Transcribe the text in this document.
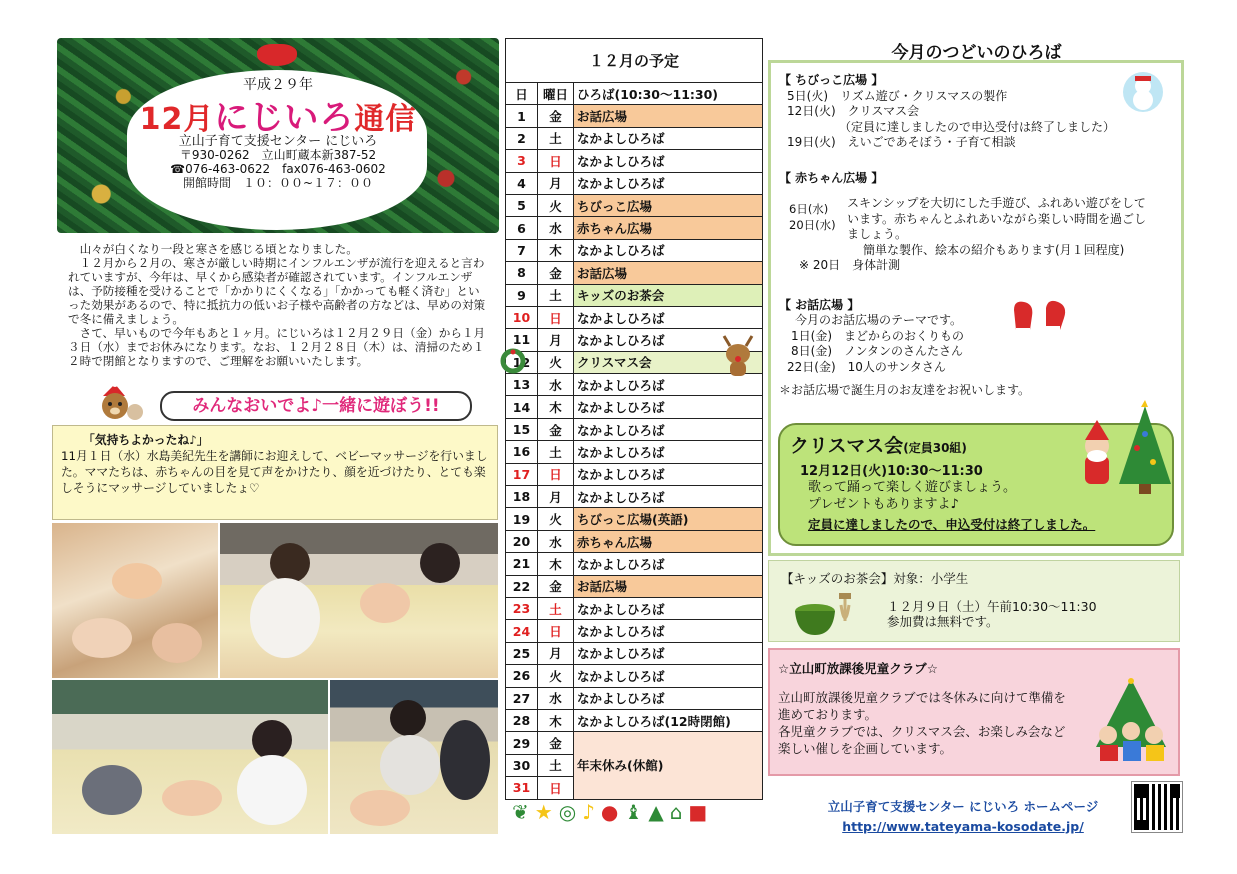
平成２９年
12月にじいろ通信
立山子育て支援センター にじいろ
〒930-0262　立山町蔵本新387-52
☎076-463-0622　fax076-463-0602
開館時間　１０：００~１７：００

山々が白くなり一段と寒さを感じる頃となりました。

１２月から２月の、寒さが厳しい時期にインフルエンザが流行を迎えると言われていますが、今年は、早くから感染者が確認されています。インフルエンザは、予防接種を受けることで「かかりにくくなる」「かかっても軽く済む」といった効果があるので、特に抵抗力の低いお子様や高齢者の方などは、早めの対策で冬に備えましょう。

さて、早いもので今年もあと１ヶ月。にじいろは１２月２９日（金）から１月３日（水）までお休みになります。なお、１２月２８日（木）は、清掃のため１２時で閉館となりますので、ご理解をお願いいたします。

みんなおいでよ♪一緒に遊ぼう!!
「気持ちよかったね♪」
11月１日（水）水島美紀先生を講師にお迎えして、ベビーマッサージを行いました。ママたちは、赤ちゃんの目を見て声をかけたり、顔を近づけたり、とても楽しそうにマッサージしていましたょ♡
１２月の予定
日	曜日	ひろば(10:30～11:30)
1	金	お話広場
2	土	なかよしひろば
3	日	なかよしひろば
4	月	なかよしひろば
5	火	ちびっこ広場
6	水	赤ちゃん広場
7	木	なかよしひろば
8	金	お話広場
9	土	キッズのお茶会
10	日	なかよしひろば
11	月	なかよしひろば
12	火	クリスマス会
13	水	なかよしひろば
14	木	なかよしひろば
15	金	なかよしひろば
16	土	なかよしひろば
17	日	なかよしひろば
18	月	なかよしひろば
19	火	ちびっこ広場(英語)
20	水	赤ちゃん広場
21	木	なかよしひろば
22	金	お話広場
23	土	なかよしひろば
24	日	なかよしひろば
25	月	なかよしひろば
26	火	なかよしひろば
27	水	なかよしひろば
28	木	なかよしひろば(12時閉館)
29	金	年末休み(休館)
30	土	
31	日	
今月のつどいのひろば
【 ちびっこ広場 】
5日(火)　リズム遊び・クリスマスの製作
12日(火)　クリスマス会
（定員に達しましたので申込受付は終了しました）
19日(火)　えいごであそぼう・子育て相談
【 赤ちゃん広場 】
6日(水)
20日(水)
スキンシップを大切にした手遊び、ふれあい遊びをしています。赤ちゃんとふれあいながら楽しい時間を過ごしましょう。
簡単な製作、絵本の紹介もあります(月１回程度)
※ 20日　身体計測
【 お話広場 】
今月のお話広場のテーマです。
1日(金)　まどからのおくりもの
8日(金)　ノンタンのさんたさん
22日(金)　10人のサンタさん
＊お話広場で誕生月のお友達をお祝いします。
クリスマス会(定員30組)
12月12日(火)10:30～11:30
歌って踊って楽しく遊びましょう。
プレゼントもありますよ♪
定員に達しましたので、申込受付は終了しました。
【キッズのお茶会】対象：小学生
１２月９日（土）午前10:30～11:30
参加費は無料です。
☆立山町放課後児童クラブ☆
立山町放課後児童クラブでは冬休みに向けて準備を
進めております。
各児童クラブでは、クリスマス会、お楽しみ会など
楽しい催しを企画しています。
立山子育て支援センター にじいろ ホームページ
http://www.tateyama-kosodate.jp/
❦★◎♪●♝▲⌂■
